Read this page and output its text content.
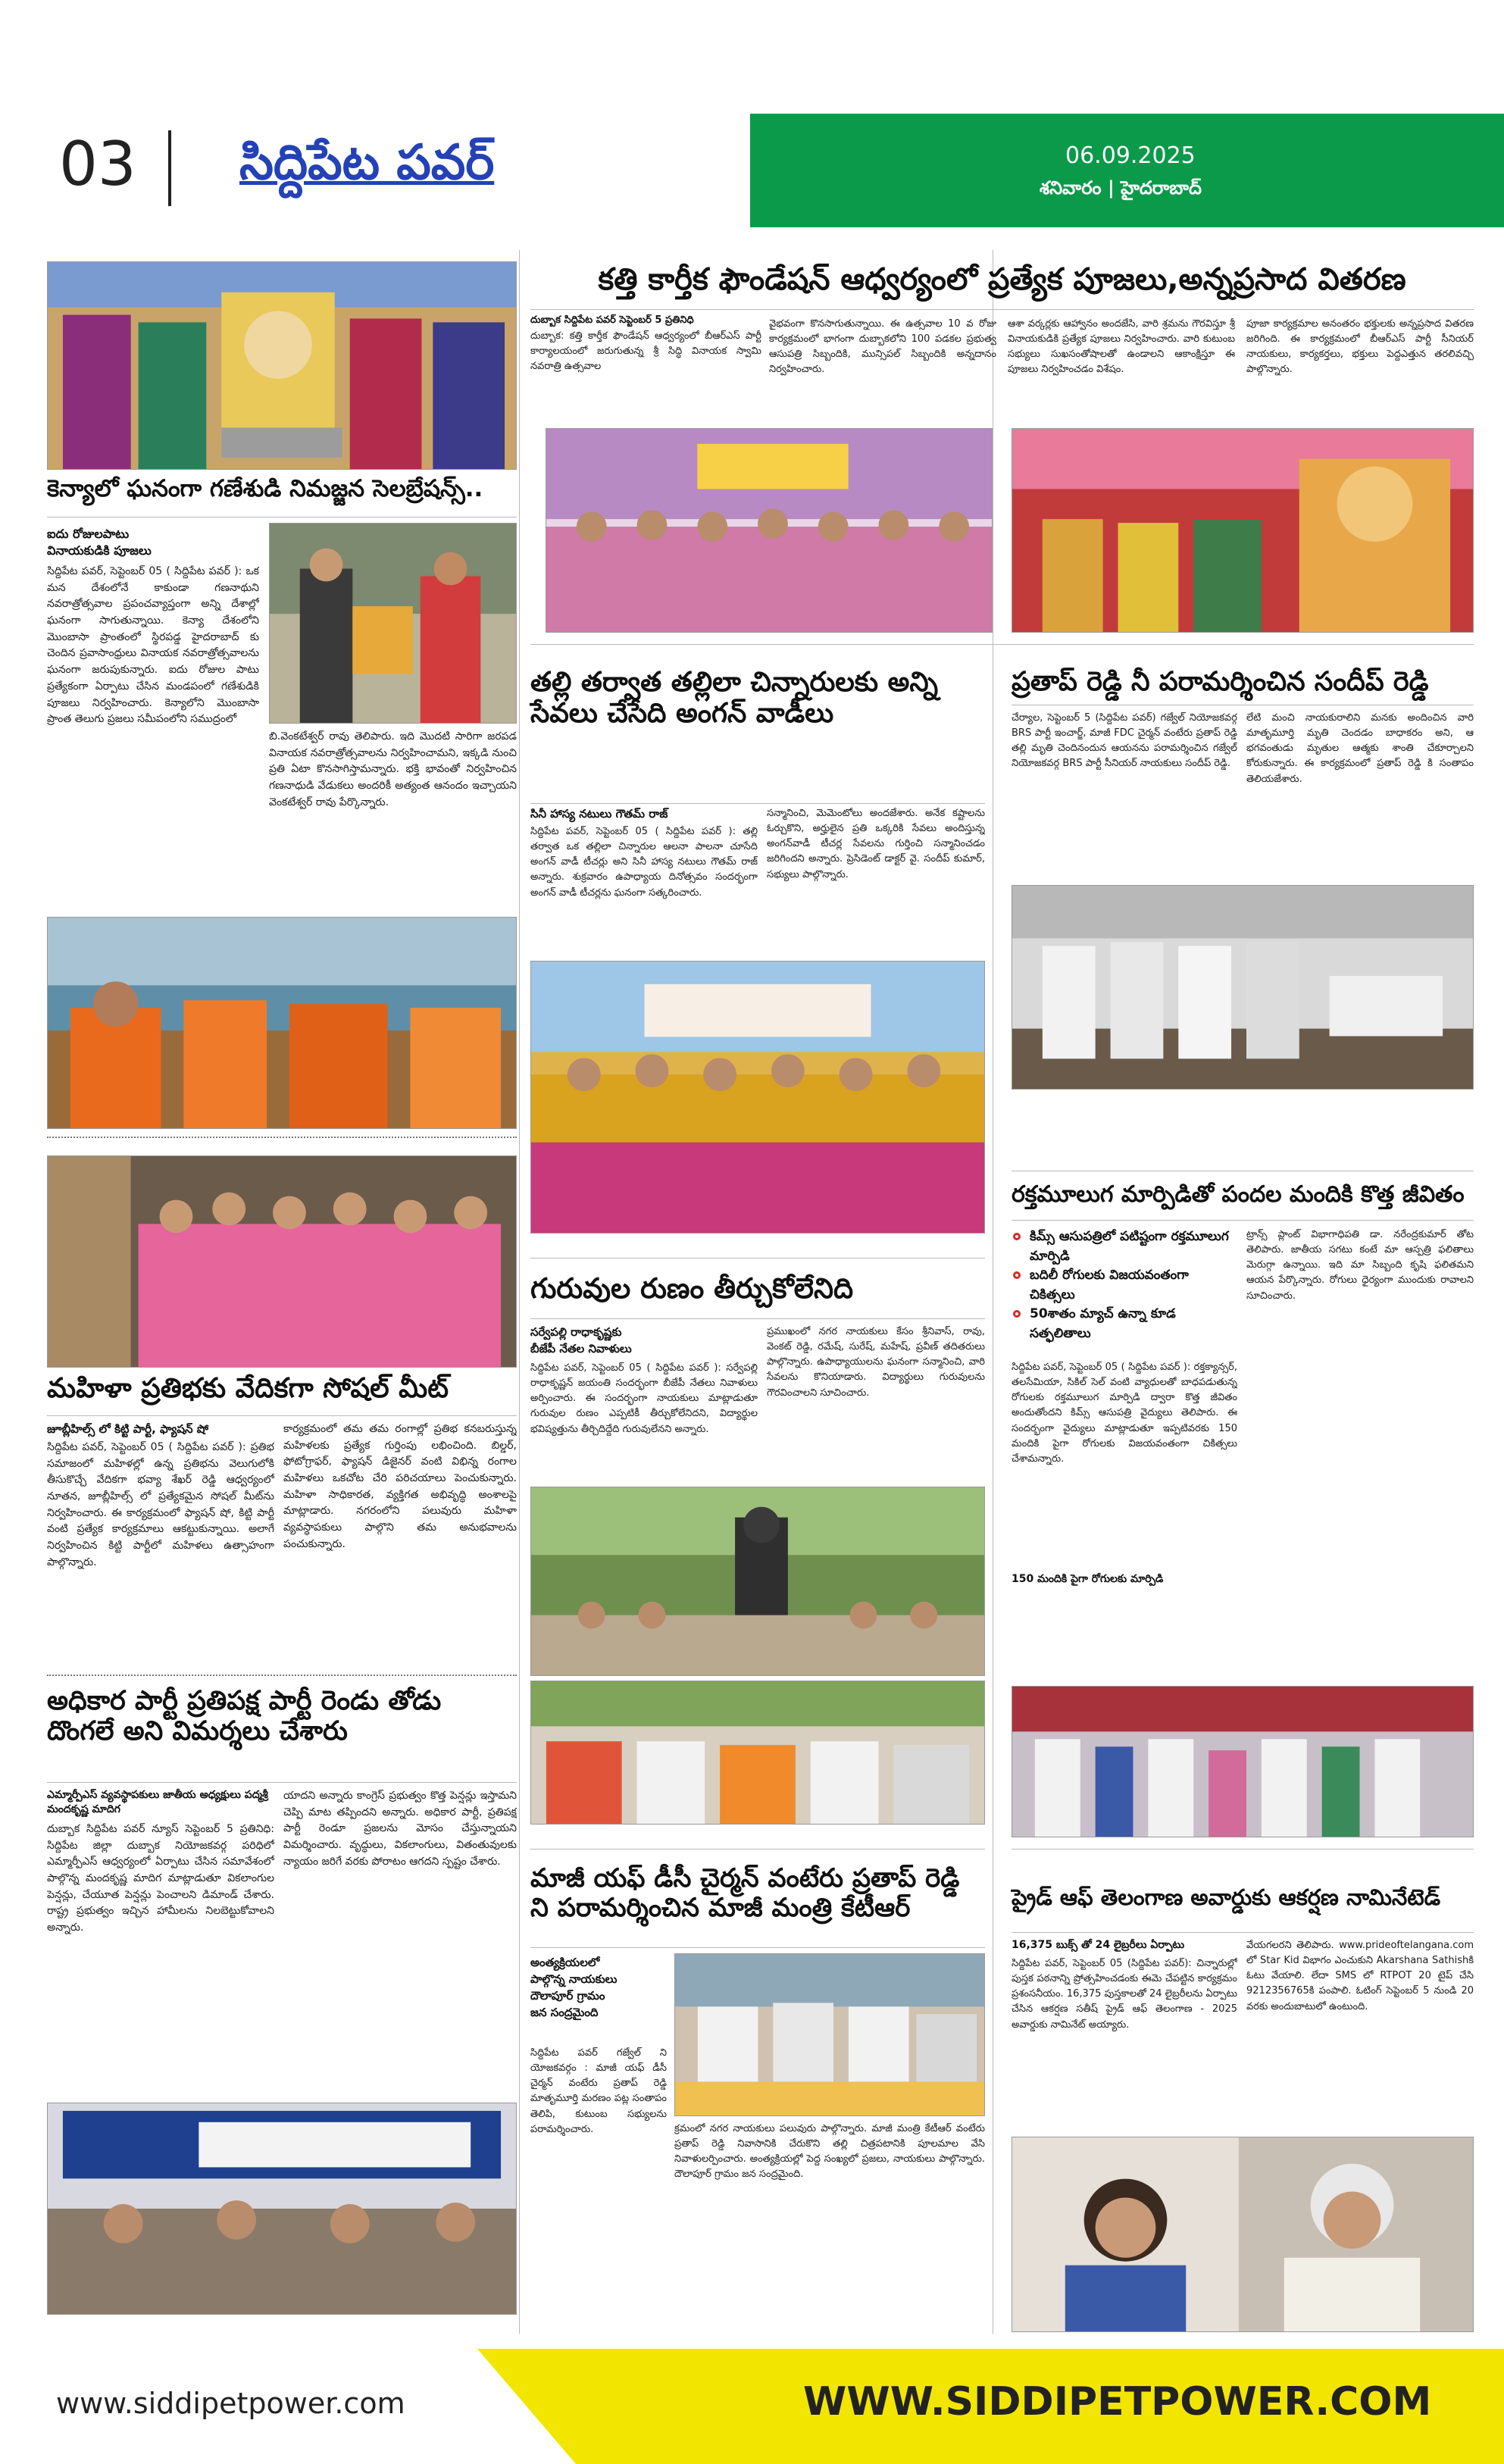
03 సిద్దిపేట పవర్	06.09.2025
శనివారం | హైదరాబాద్
కెన్యాలో ఘనంగా గణేశుడి నిమజ్జన సెలబ్రేషన్స్..
ఐదు రోజులపాటు
వినాయకుడికి పూజలు
సిద్దిపేట పవర్, సెప్టెంబర్ 05 ( సిద్దిపేట పవర్ ): ఒక మన దేశంలోనే కాకుండా గణనాథుని నవరాత్రోత్సవాల ప్రపంచవ్యాప్తంగా అన్ని దేశాల్లో ఘనంగా సాగుతున్నాయి. కెన్యా దేశంలోని మొంబాసా ప్రాంతంలో స్థిరపడ్డ హైదరాబాద్ కు చెందిన ప్రవాసాంధ్రులు వినాయక నవరాత్రోత్సవాలను ఘనంగా జరుపుకున్నారు. ఐదు రోజుల పాటు ప్రత్యేకంగా ఏర్పాటు చేసిన మండపంలో గణేశుడికి పూజలు నిర్వహించారు. కెన్యాలోని మొంబాసా ప్రాంత తెలుగు ప్రజలు సమీపంలోని సముద్రంలో
బి.వెంకటేశ్వర్ రావు తెలిపారు. ఇది మొదటి సారిగా జరపడ వినాయక నవరాత్రోత్సవాలను నిర్వహించామని, ఇక్కడి నుంచి ప్రతి ఏటా కొనసాగిస్తామన్నారు. భక్తి భావంతో నిర్వహించిన గణనాధుడి వేడుకలు అందరికీ అత్యంత ఆనందం ఇచ్చాయని వెంకటేశ్వర్ రావు పేర్కొన్నారు.
మహిళా ప్రతిభకు వేదికగా సోషల్ మీట్
జూబ్లీహిల్స్ లో కిట్టి పార్టీ, ఫ్యాషన్ షో
సిద్దిపేట పవర్, సెప్టెంబర్ 05 ( సిద్దిపేట పవర్ ): ప్రతిభ సమాజంలో మహిళల్లో ఉన్న ప్రతిభను వెలుగులోకి తీసుకొచ్చే వేదికగా భవ్యా శేఖర్ రెడ్డి ఆధ్వర్యంలో నూతన, జూబ్లీహిల్స్ లో ప్రత్యేకమైన సోషల్ మీట్‌ను నిర్వహించారు. ఈ కార్యక్రమంలో ఫ్యాషన్ షో, కిట్టి పార్టీ వంటి ప్రత్యేక కార్యక్రమాలు ఆకట్టుకున్నాయి. అలాగే నిర్వహించిన కిట్టి పార్టీలో మహిళలు ఉత్సాహంగా పాల్గొన్నారు.
కార్యక్రమంలో తమ తమ రంగాల్లో ప్రతిభ కనబరుస్తున్న మహిళలకు ప్రత్యేక గుర్తింపు లభించింది. బిల్డర్, ఫోటోగ్రాఫర్, ఫ్యాషన్ డిజైనర్ వంటి విభిన్న రంగాల మహిళలు ఒకచోట చేరి పరిచయాలు పెంచుకున్నారు. మహిళా సాధికారత, వ్యక్తిగత అభివృద్ధి అంశాలపై మాట్లాడారు. నగరంలోని పలువురు మహిళా వ్యవస్థాపకులు పాల్గొని తమ అనుభవాలను పంచుకున్నారు.
అధికార పార్టీ ప్రతిపక్ష పార్టీ రెండు తోడు దొంగలే అని విమర్శలు చేశారు
ఎమ్మార్పీఎస్ వ్యవస్థాపకులు జాతీయ అధ్యక్షులు పద్మశ్రీ మందకృష్ణ మాదిగ
దుబ్బాక సిద్దిపేట పవర్ న్యూస్ సెప్టెంబర్ 5 ప్రతినిధి: సిద్దిపేట జిల్లా దుబ్బాక నియోజకవర్గ పరిధిలో ఎమ్మార్పీఎస్ ఆధ్వర్యంలో ఏర్పాటు చేసిన సమావేశంలో పాల్గొన్న మందకృష్ణ మాదిగ మాట్లాడుతూ వికలాంగుల పెన్షన్లు, చేయూత పెన్షన్లు పెంచాలని డిమాండ్ చేశారు. రాష్ట్ర ప్రభుత్వం ఇచ్చిన హామీలను నిలబెట్టుకోవాలని అన్నారు.
యాదని అన్నారు కాంగ్రెస్ ప్రభుత్వం కొత్త పెన్షన్లు ఇస్తామని చెప్పి మాట తప్పిందని అన్నారు. అధికార పార్టీ, ప్రతిపక్ష పార్టీ రెండూ ప్రజలను మోసం చేస్తున్నాయని విమర్శించారు. వృద్ధులు, వికలాంగులు, వితంతువులకు న్యాయం జరిగే వరకు పోరాటం ఆగదని స్పష్టం చేశారు.
కత్తి కార్తీక ఫౌండేషన్ ఆధ్వర్యంలో ప్రత్యేక పూజలు,అన్నప్రసాద వితరణ
దుబ్బాక సిద్దిపేట పవర్ సెప్టెంబర్ 5 ప్రతినిధి
దుబ్బాక: కత్తి కార్తీక ఫౌండేషన్ ఆధ్వర్యంలో బీఆర్ఎస్ పార్టీ కార్యాలయంలో జరుగుతున్న శ్రీ సిద్ధి వినాయక స్వామి నవరాత్రి ఉత్సవాల
వైభవంగా కొనసాగుతున్నాయి. ఈ ఉత్సవాల 10 వ రోజు కార్యక్రమంలో భాగంగా దుబ్బాకలోని 100 పడకల ప్రభుత్వ ఆసుపత్రి సిబ్బందికి, మున్సిపల్ సిబ్బందికి అన్నదానం నిర్వహించారు.
ఆశా వర్కర్లకు ఆహ్వానం అందజేసి, వారి శ్రమను గౌరవిస్తూ శ్రీ వినాయకుడికి ప్రత్యేక పూజలు నిర్వహించారు. వారి కుటుంబ సభ్యులు సుఖసంతోషాలతో ఉండాలని ఆకాంక్షిస్తూ ఈ పూజలు నిర్వహించడం విశేషం.
పూజా కార్యక్రమాల అనంతరం భక్తులకు అన్నప్రసాద వితరణ జరిగింది. ఈ కార్యక్రమంలో బీఆర్ఎస్ పార్టీ సీనియర్ నాయకులు, కార్యకర్తలు, భక్తులు పెద్దఎత్తున తరలివచ్చి పాల్గొన్నారు.
తల్లి తర్వాత తల్లిలా చిన్నారులకు అన్ని సేవలు చేసేది అంగన్ వాడీలు
సినీ హాస్య నటులు గౌతమ్ రాజ్
సిద్దిపేట పవర్, సెప్టెంబర్ 05 ( సిద్దిపేట పవర్ ): తల్లి తర్వాత ఒక తల్లిలా చిన్నారుల ఆలనా పాలనా చూసేది అంగన్ వాడీ టీచర్లు అని సినీ హాస్య నటులు గౌతమ్ రాజ్ అన్నారు. శుక్రవారం ఉపాధ్యాయ దినోత్సవం సందర్భంగా అంగన్ వాడీ టీచర్లను ఘనంగా సత్కరించారు.
సన్మానించి, మెమెంటోలు అందజేశారు. అనేక కష్టాలను ఓర్చుకొని, అర్హులైన ప్రతి ఒక్కరికి సేవలు అందిస్తున్న అంగన్‌వాడీ టీచర్ల సేవలను గుర్తించి సన్మానించడం జరిగిందని అన్నారు. ప్రెసిడెంట్ డాక్టర్ వై. సందీప్ కుమార్, సభ్యులు పాల్గొన్నారు.
గురువుల రుణం తీర్చుకోలేనిది
సర్వేపల్లి రాధాకృష్ణకు
బీజేపీ నేతల నివాళులు
సిద్దిపేట పవర్, సెప్టెంబర్ 05 ( సిద్దిపేట పవర్ ): సర్వేపల్లి రాధాకృష్ణన్ జయంతి సందర్భంగా బీజేపీ నేతలు నివాళులు అర్పించారు. ఈ సందర్భంగా నాయకులు మాట్లాడుతూ గురువుల రుణం ఎప్పటికీ తీర్చుకోలేనిదని, విద్యార్థుల భవిష్యత్తును తీర్చిదిద్దేది గురువులేనని అన్నారు.
ప్రముఖంలో నగర నాయకులు కేసం శ్రీనివాస్, రావు, వెంకట్ రెడ్డి, రమేష్, సురేష్, మహేష్, ప్రవీణ్ తదితరులు పాల్గొన్నారు. ఉపాధ్యాయులను ఘనంగా సన్మానించి, వారి సేవలను కొనియాడారు. విద్యార్థులు గురువులను గౌరవించాలని సూచించారు.
మాజీ యఫ్ డీసీ చైర్మన్ వంటేరు ప్రతాప్ రెడ్డి ని పరామర్శించిన మాజీ మంత్రి కేటీఆర్
అంత్యక్రియలలో
పాల్గొన్న నాయకులు
దౌలాపూర్ గ్రామం
జన సంద్రమైంది
సిద్దిపేట పవర్ గజ్వేల్ ని యోజకవర్గం : మాజీ యఫ్ డీసీ చైర్మన్ వంటేరు ప్రతాప్ రెడ్డి మాతృమూర్తి మరణం పట్ల సంతాపం తెలిపి, కుటుంబ సభ్యులను పరామర్శించారు.	క్రమంలో నగర నాయకులు పలువురు పాల్గొన్నారు. మాజీ మంత్రి కేటీఆర్ వంటేరు ప్రతాప్ రెడ్డి నివాసానికి చేరుకొని తల్లి చిత్రపటానికి పూలమాల వేసి నివాళులర్పించారు. అంత్యక్రియల్లో పెద్ద సంఖ్యలో ప్రజలు, నాయకులు పాల్గొన్నారు. దౌలాపూర్ గ్రామం జన సంద్రమైంది.
ప్రతాప్ రెడ్డి నీ పరామర్శించిన సందీప్ రెడ్డి
చేర్యాల, సెప్టెంబర్ 5 (సిద్దిపేట పవర్) గజ్వేల్ నియోజకవర్గ BRS పార్టీ ఇంచార్జ్, మాజీ FDC చైర్మన్ వంటేరు ప్రతాప్ రెడ్డి తల్లి మృతి చెందినందున ఆయనను పరామర్శించిన గజ్వేల్ నియోజకవర్గ BRS పార్టీ సీనియర్ నాయకులు సందీప్ రెడ్డి.
లేటి మంచి నాయకురాలిని మనకు అందించిన వారి మాతృమూర్తి మృతి చెందడం బాధాకరం అని, ఆ భగవంతుడు మృతుల ఆత్మకు శాంతి చేకూర్చాలని కోరుకున్నారు. ఈ కార్యక్రమంలో ప్రతాప్ రెడ్డి కి సంతాపం తెలియజేశారు.
రక్తమూలుగ మార్పిడితో పందల మందికి కొత్త జీవితం
కిమ్స్ ఆసుపత్రిలో పటిష్టంగా రక్తమూలుగ మార్పిడి
బదిలీ రోగులకు విజయవంతంగా చికిత్సలు
50శాతం మ్యాచ్ ఉన్నా కూడ సత్ఫలితాలు
సిద్దిపేట పవర్, సెప్టెంబర్ 05 ( సిద్దిపేట పవర్ ): రక్తక్యాన్సర్, తలసేమియా, సికిల్ సెల్ వంటి వ్యాధులతో బాధపడుతున్న రోగులకు రక్తమూలుగ మార్పిడి ద్వారా కొత్త జీవితం అందుతోందని కిమ్స్ ఆసుపత్రి వైద్యులు తెలిపారు. ఈ సందర్భంగా వైద్యులు మాట్లాడుతూ ఇప్పటివరకు 150 మందికి పైగా రోగులకు విజయవంతంగా చికిత్సలు చేశామన్నారు.
150 మందికి పైగా రోగులకు మార్పిడి
ట్రాన్స్ ప్లాంట్ విభాగాధిపతి డా. నరేంద్రకుమార్ తోట తెలిపారు. జాతీయ సగటు కంటే మా ఆస్పత్రి ఫలితాలు మెరుగ్గా ఉన్నాయి. ఇది మా సిబ్బంది కృషి ఫలితమని ఆయన పేర్కొన్నారు. రోగులు ధైర్యంగా ముందుకు రావాలని సూచించారు.
ప్రైడ్ ఆఫ్ తెలంగాణ అవార్డుకు ఆకర్షణ నామినేటెడ్
16,375 బుక్స్ తో 24 లైబ్రరీలు ఏర్పాటు
సిద్దిపేట పవర్, సెప్టెంబర్ 05 (సిద్దిపేట పవర్): చిన్నారుల్లో పుస్తక పఠనాన్ని ప్రోత్సహించడంకు ఈమె చేపట్టిన కార్యక్రమం ప్రశంసనీయం. 16,375 పుస్తకాలతో 24 లైబ్రరీలను ఏర్పాటు చేసిన ఆకర్షణ సతీష్ ప్రైడ్ ఆఫ్ తెలంగాణ - 2025 అవార్డుకు నామినేట్ అయ్యారు.
వేయగలరని తెలిపారు. www.prideoftelangana.com లో Star Kid విభాగం ఎంచుకుని Akarshana Sathishకి ఓటు వేయాలి. లేదా SMS లో RTPOT 20 టైప్ చేసి 9212356765కి పంపాలి. ఓటింగ్ సెప్టెంబర్ 5 నుండి 20 వరకు అందుబాటులో ఉంటుంది.
www.siddipetpower.com	WWW.SIDDIPETPOWER.COM
